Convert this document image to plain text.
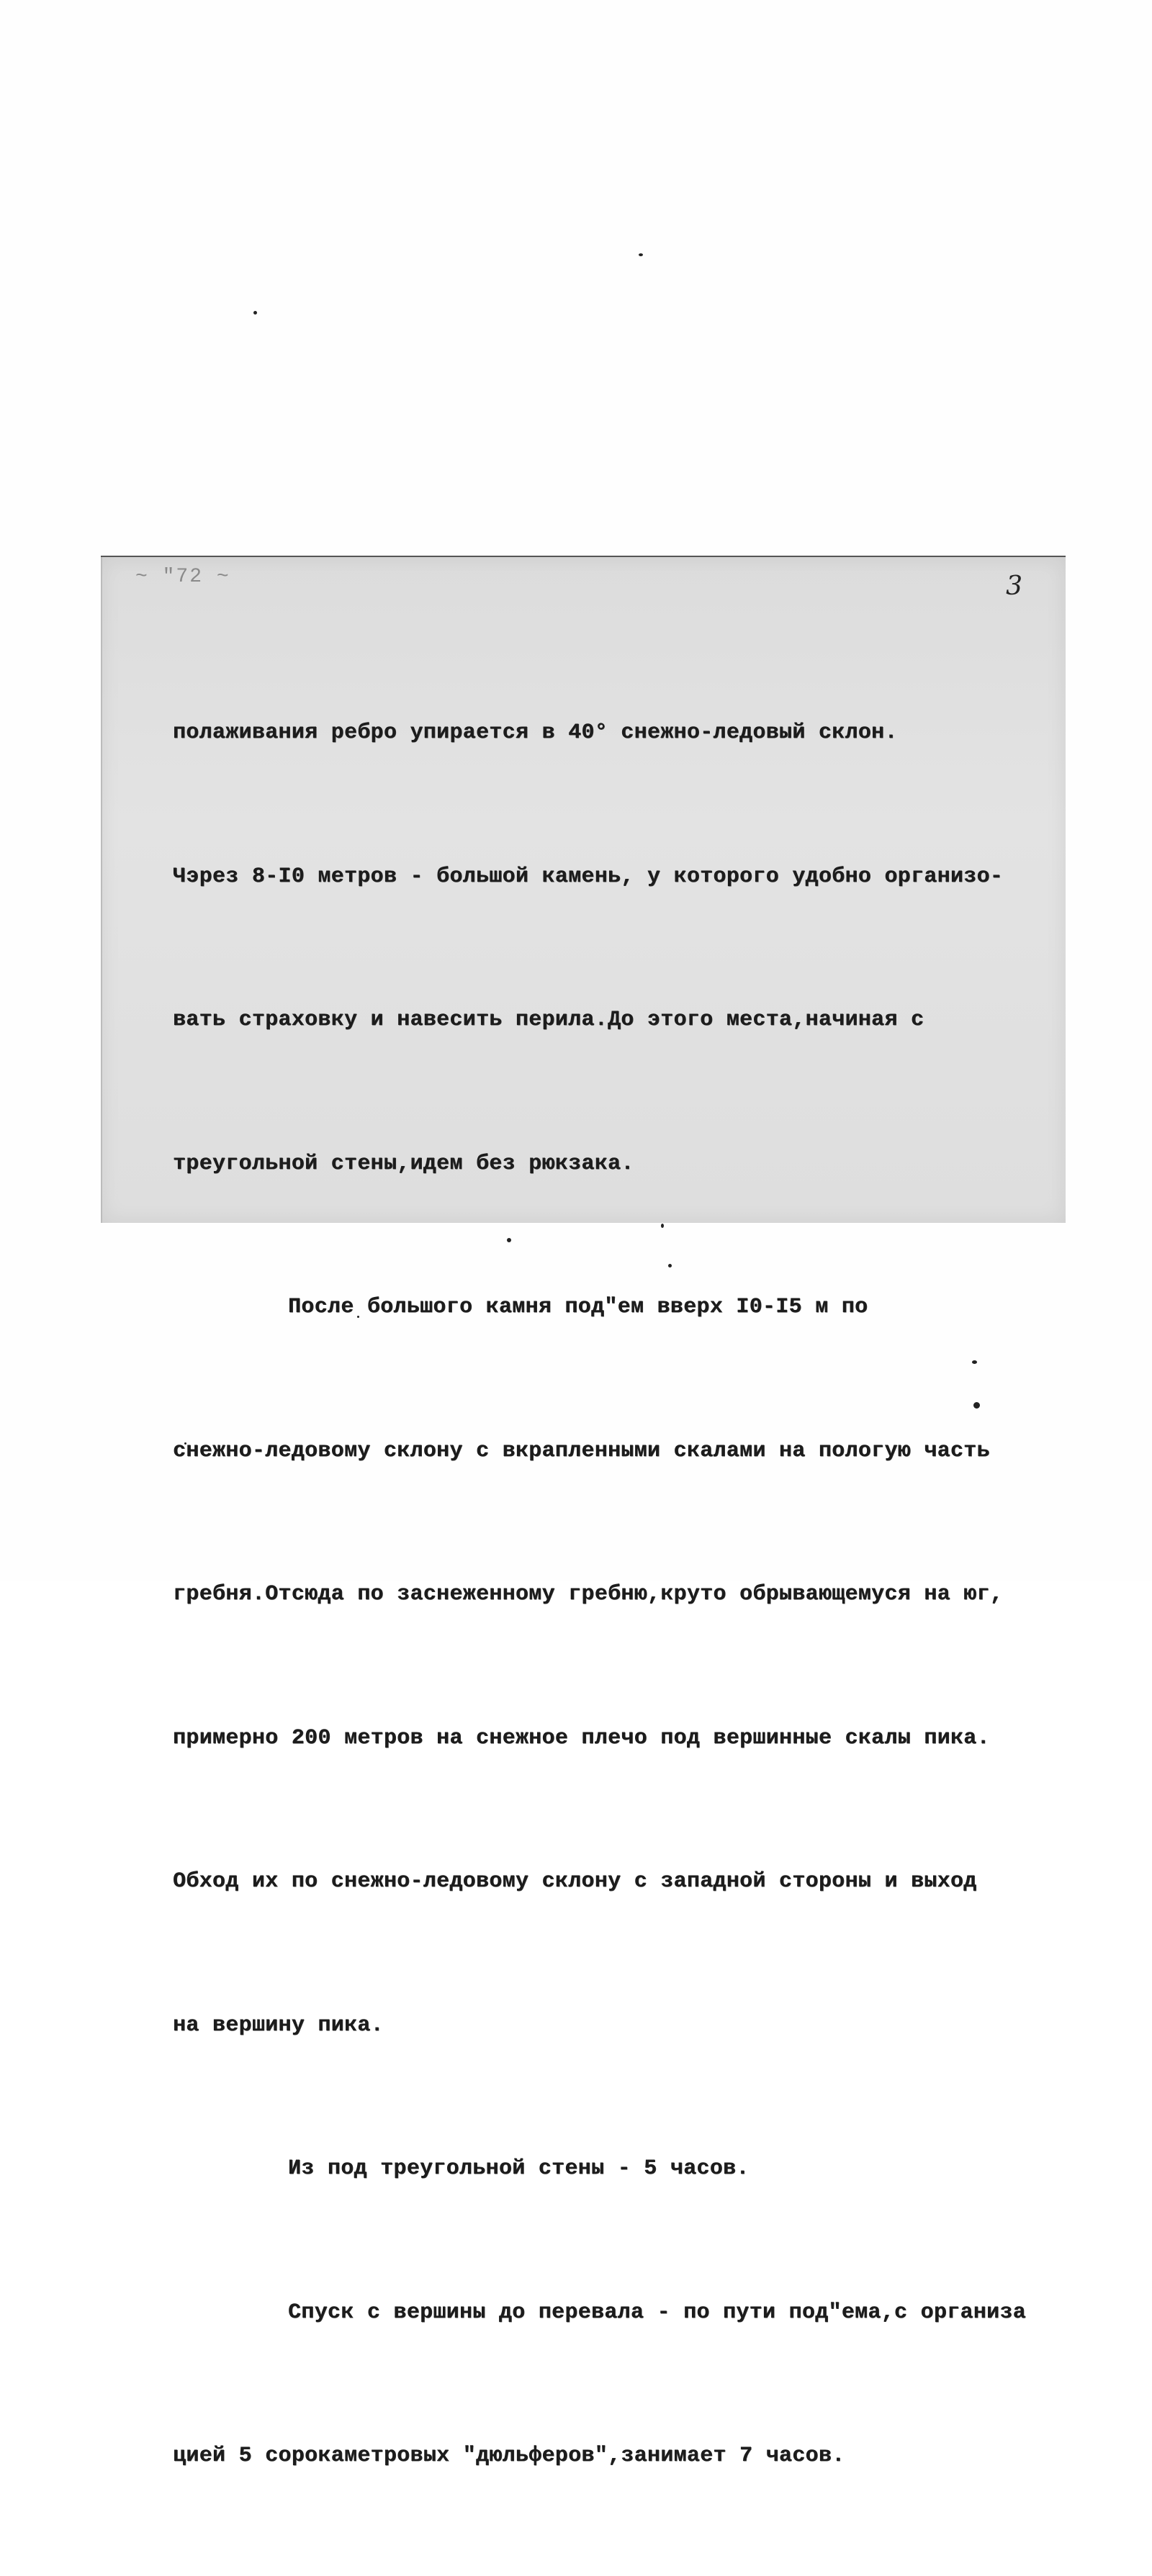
~ "72 ~	3

полаживания ребро упирается в 40° снежно-ледовый склон.

Чэрез 8-I0 метров - большой камень, у которого удобно организо-

вать страховку и навесить перила.До этого места,начиная с

треугольной стены,идем без рюкзака.

После большого камня под"ем вверх I0-I5 м по

снежно-ледовому склону с вкрапленными скалами на пологую часть

гребня.Отсюда по заснеженному гребню,круто обрывающемуся на юг,

примерно 200 метров на снежное плечо под вершинные скалы пика.

Обход их по снежно-ледовому склону с западной стороны и выход

на вершину пика.

Из под треугольной стены - 5 часов.

Спуск с вершины до перевала - по пути под"ема,с организа

цией 5 сорокаметровых "дюльферов",занимает 7 часов.
